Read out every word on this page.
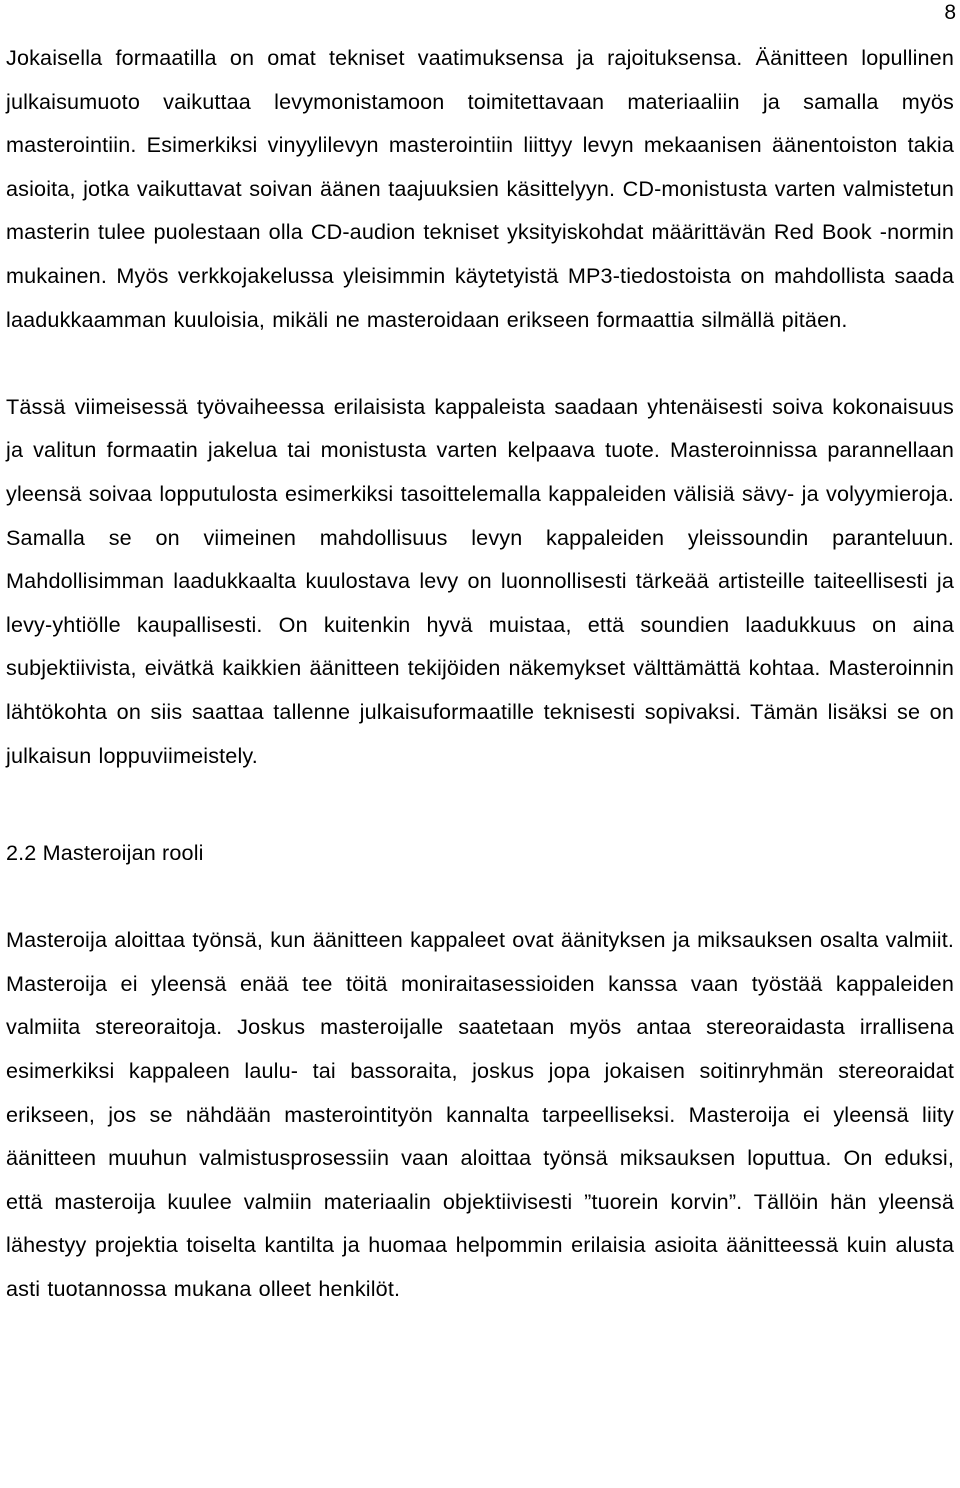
8

Jokaisella formaatilla on omat tekniset vaatimuksensa ja rajoituksensa. Äänitteen lopullinen julkaisumuoto vaikuttaa levymonistamoon toimitettavaan materiaaliin ja samalla myös masterointiin. Esimerkiksi vinyylilevyn masterointiin liittyy levyn mekaanisen äänentoiston takia asioita, jotka vaikuttavat soivan äänen taajuuksien käsittelyyn. CD-monistusta varten valmistetun masterin tulee puolestaan olla CD-audion tekniset yksityiskohdat määrittävän Red Book -normin mukainen. Myös verkkojakelussa yleisimmin käytetyistä MP3-tiedostoista on mahdollista saada laadukkaamman kuuloisia, mikäli ne masteroidaan erikseen formaattia silmällä pitäen.

Tässä viimeisessä työvaiheessa erilaisista kappaleista saadaan yhtenäisesti soiva kokonaisuus ja valitun formaatin jakelua tai monistusta varten kelpaava tuote. Masteroinnissa parannellaan yleensä soivaa lopputulosta esimerkiksi tasoittelemalla kappaleiden välisiä sävy- ja volyymieroja. Samalla se on viimeinen mahdollisuus levyn kappaleiden yleissoundin paranteluun. Mahdollisimman laadukkaalta kuulostava levy on luonnollisesti tärkeää artisteille taiteellisesti ja levy-yhtiölle kaupallisesti. On kuitenkin hyvä muistaa, että soundien laadukkuus on aina subjektiivista, eivätkä kaikkien äänitteen tekijöiden näkemykset välttämättä kohtaa. Masteroinnin lähtökohta on siis saattaa tallenne julkaisuformaatille teknisesti sopivaksi. Tämän lisäksi se on julkaisun loppuviimeistely.

2.2 Masteroijan rooli

Masteroija aloittaa työnsä, kun äänitteen kappaleet ovat äänityksen ja miksauksen osalta valmiit. Masteroija ei yleensä enää tee töitä moniraitasessioiden kanssa vaan työstää kappaleiden valmiita stereoraitoja. Joskus masteroijalle saatetaan myös antaa stereoraidasta irrallisena esimerkiksi kappaleen laulu- tai bassoraita, joskus jopa jokaisen soitinryhmän stereoraidat erikseen, jos se nähdään masterointityön kannalta tarpeelliseksi. Masteroija ei yleensä liity äänitteen muuhun valmistusprosessiin vaan aloittaa työnsä miksauksen loputtua. On eduksi, että masteroija kuulee valmiin materiaalin objektiivisesti ”tuorein korvin”. Tällöin hän yleensä lähestyy projektia toiselta kantilta ja huomaa helpommin erilaisia asioita äänitteessä kuin alusta asti tuotannossa mukana olleet henkilöt.
